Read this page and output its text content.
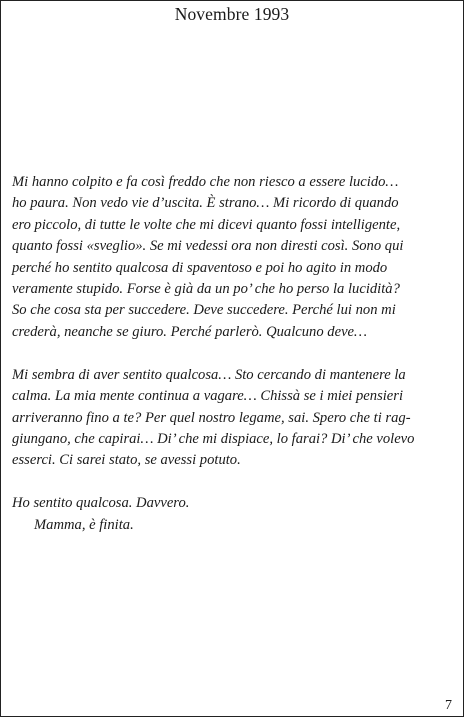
Novembre 1993
Mi hanno colpito e fa così freddo che non riesco a essere lucido…
ho paura. Non vedo vie d’uscita. È strano… Mi ricordo di quando
ero piccolo, di tutte le volte che mi dicevi quanto fossi intelligente,
quanto fossi «sveglio». Se mi vedessi ora non diresti così. Sono qui
perché ho sentito qualcosa di spaventoso e poi ho agito in modo
veramente stupido. Forse è già da un po’ che ho perso la lucidità?
So che cosa sta per succedere. Deve succedere. Perché lui non mi
crederà, neanche se giuro. Perché parlerò. Qualcuno deve…
Mi sembra di aver sentito qualcosa… Sto cercando di mantenere la
calma. La mia mente continua a vagare… Chissà se i miei pensieri
arriveranno fino a te? Per quel nostro legame, sai. Spero che ti rag-
giungano, che capirai… Di’ che mi dispiace, lo farai? Di’ che volevo
esserci. Ci sarei stato, se avessi potuto.
Ho sentito qualcosa. Davvero.
Mamma, è finita.
7
